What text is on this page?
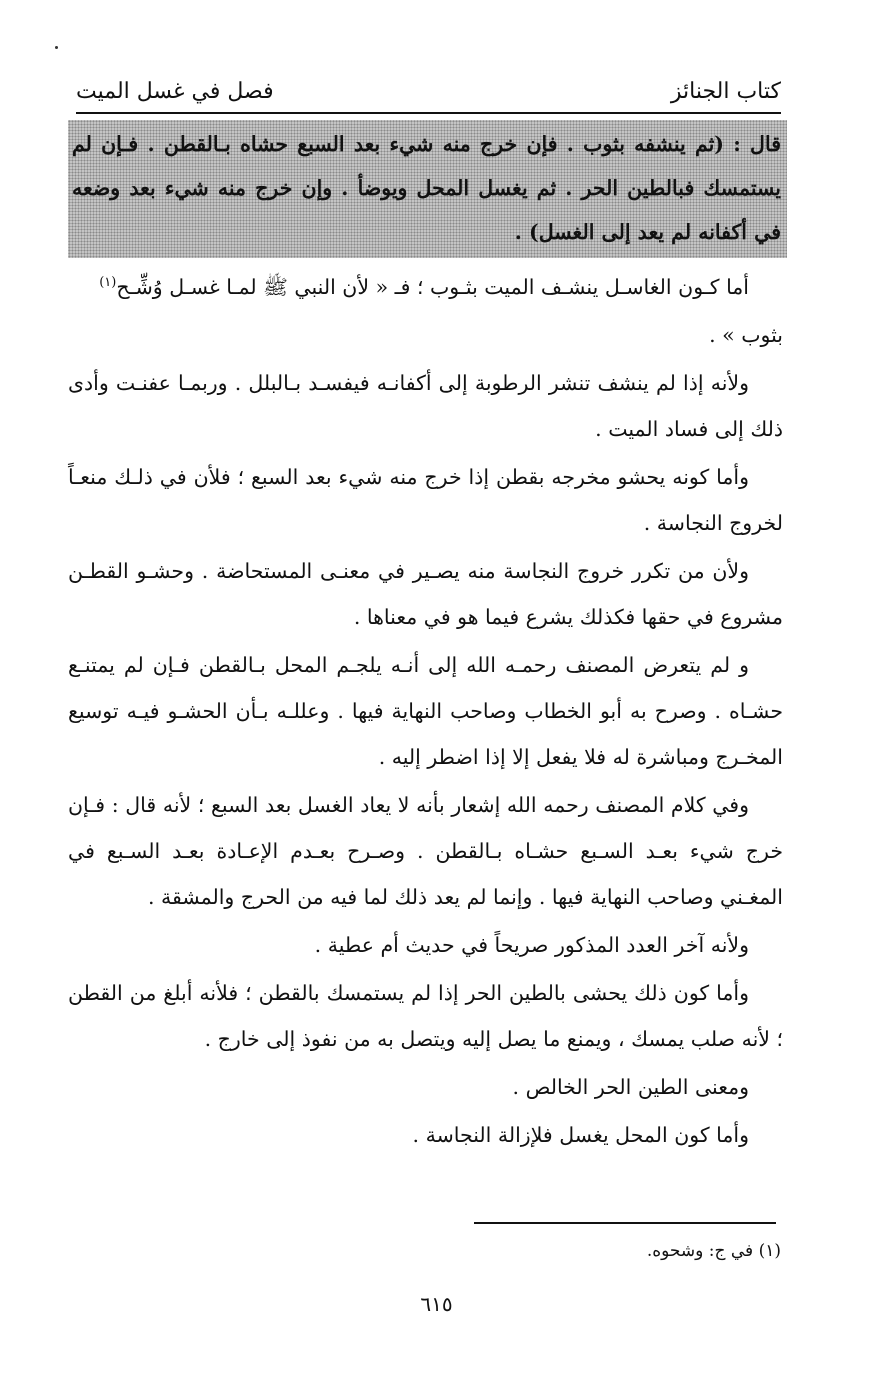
كتاب الجنائز
فصل في غسل الميت
قال : (ثم ينشفه بثوب . فإن خرج منه شيء بعد السبع حشاه بـالقطن . فـإن لم يستمسك فبالطين الحر . ثم يغسل المحل ويوضأ . وإن خرج منه شيء بعد وضعه في أكفانه لم يعد إلى الغسل) .

أما كـون الغاسـل ينشـف الميت بثـوب ؛ فـ « لأن النبي ﷺ لمـا غسـل وُشِّـح$^{(١)}$

بثوب » .

ولأنه إذا لم ينشف تنشر الرطوبة إلى أكفانـه فيفسـد بـالبلل . وربمـا عفنـت وأدى ذلك إلى فساد الميت .

وأما كونه يحشو مخرجه بقطن إذا خرج منه شيء بعد السبع ؛ فلأن في ذلـك منعـاً لخروج النجاسة .

ولأن من تكرر خروج النجاسة منه يصـير في معنـى المستحاضة . وحشـو القطـن مشروع في حقها فكذلك يشرع فيما هو في معناها .

و لم يتعرض المصنف رحمـه الله إلى أنـه يلجـم المحل بـالقطن فـإن لم يمتنـع حشـاه . وصرح به أبو الخطاب وصاحب النهاية فيها . وعللـه بـأن الحشـو فيـه توسيع المخـرج ومباشرة له فلا يفعل إلا إذا اضطر إليه .

وفي كلام المصنف رحمه الله إشعار بأنه لا يعاد الغسل بعد السبع ؛ لأنه قال : فـإن خرج شيء بعـد السـبع حشـاه بـالقطن . وصـرح بعـدم الإعـادة بعـد السـبع في المغـني وصاحب النهاية فيها . وإنما لم يعد ذلك لما فيه من الحرج والمشقة .

ولأنه آخر العدد المذكور صريحاً في حديث أم عطية .

وأما كون ذلك يحشى بالطين الحر إذا لم يستمسك بالقطن ؛ فلأنه أبلغ من القطن ؛ لأنه صلب يمسك ، ويمنع ما يصل إليه ويتصل به من نفوذ إلى خارج .

ومعنى الطين الحر الخالص .

وأما كون المحل يغسل فلإزالة النجاسة .

(١) في ج: وشحوه.
٦١٥
